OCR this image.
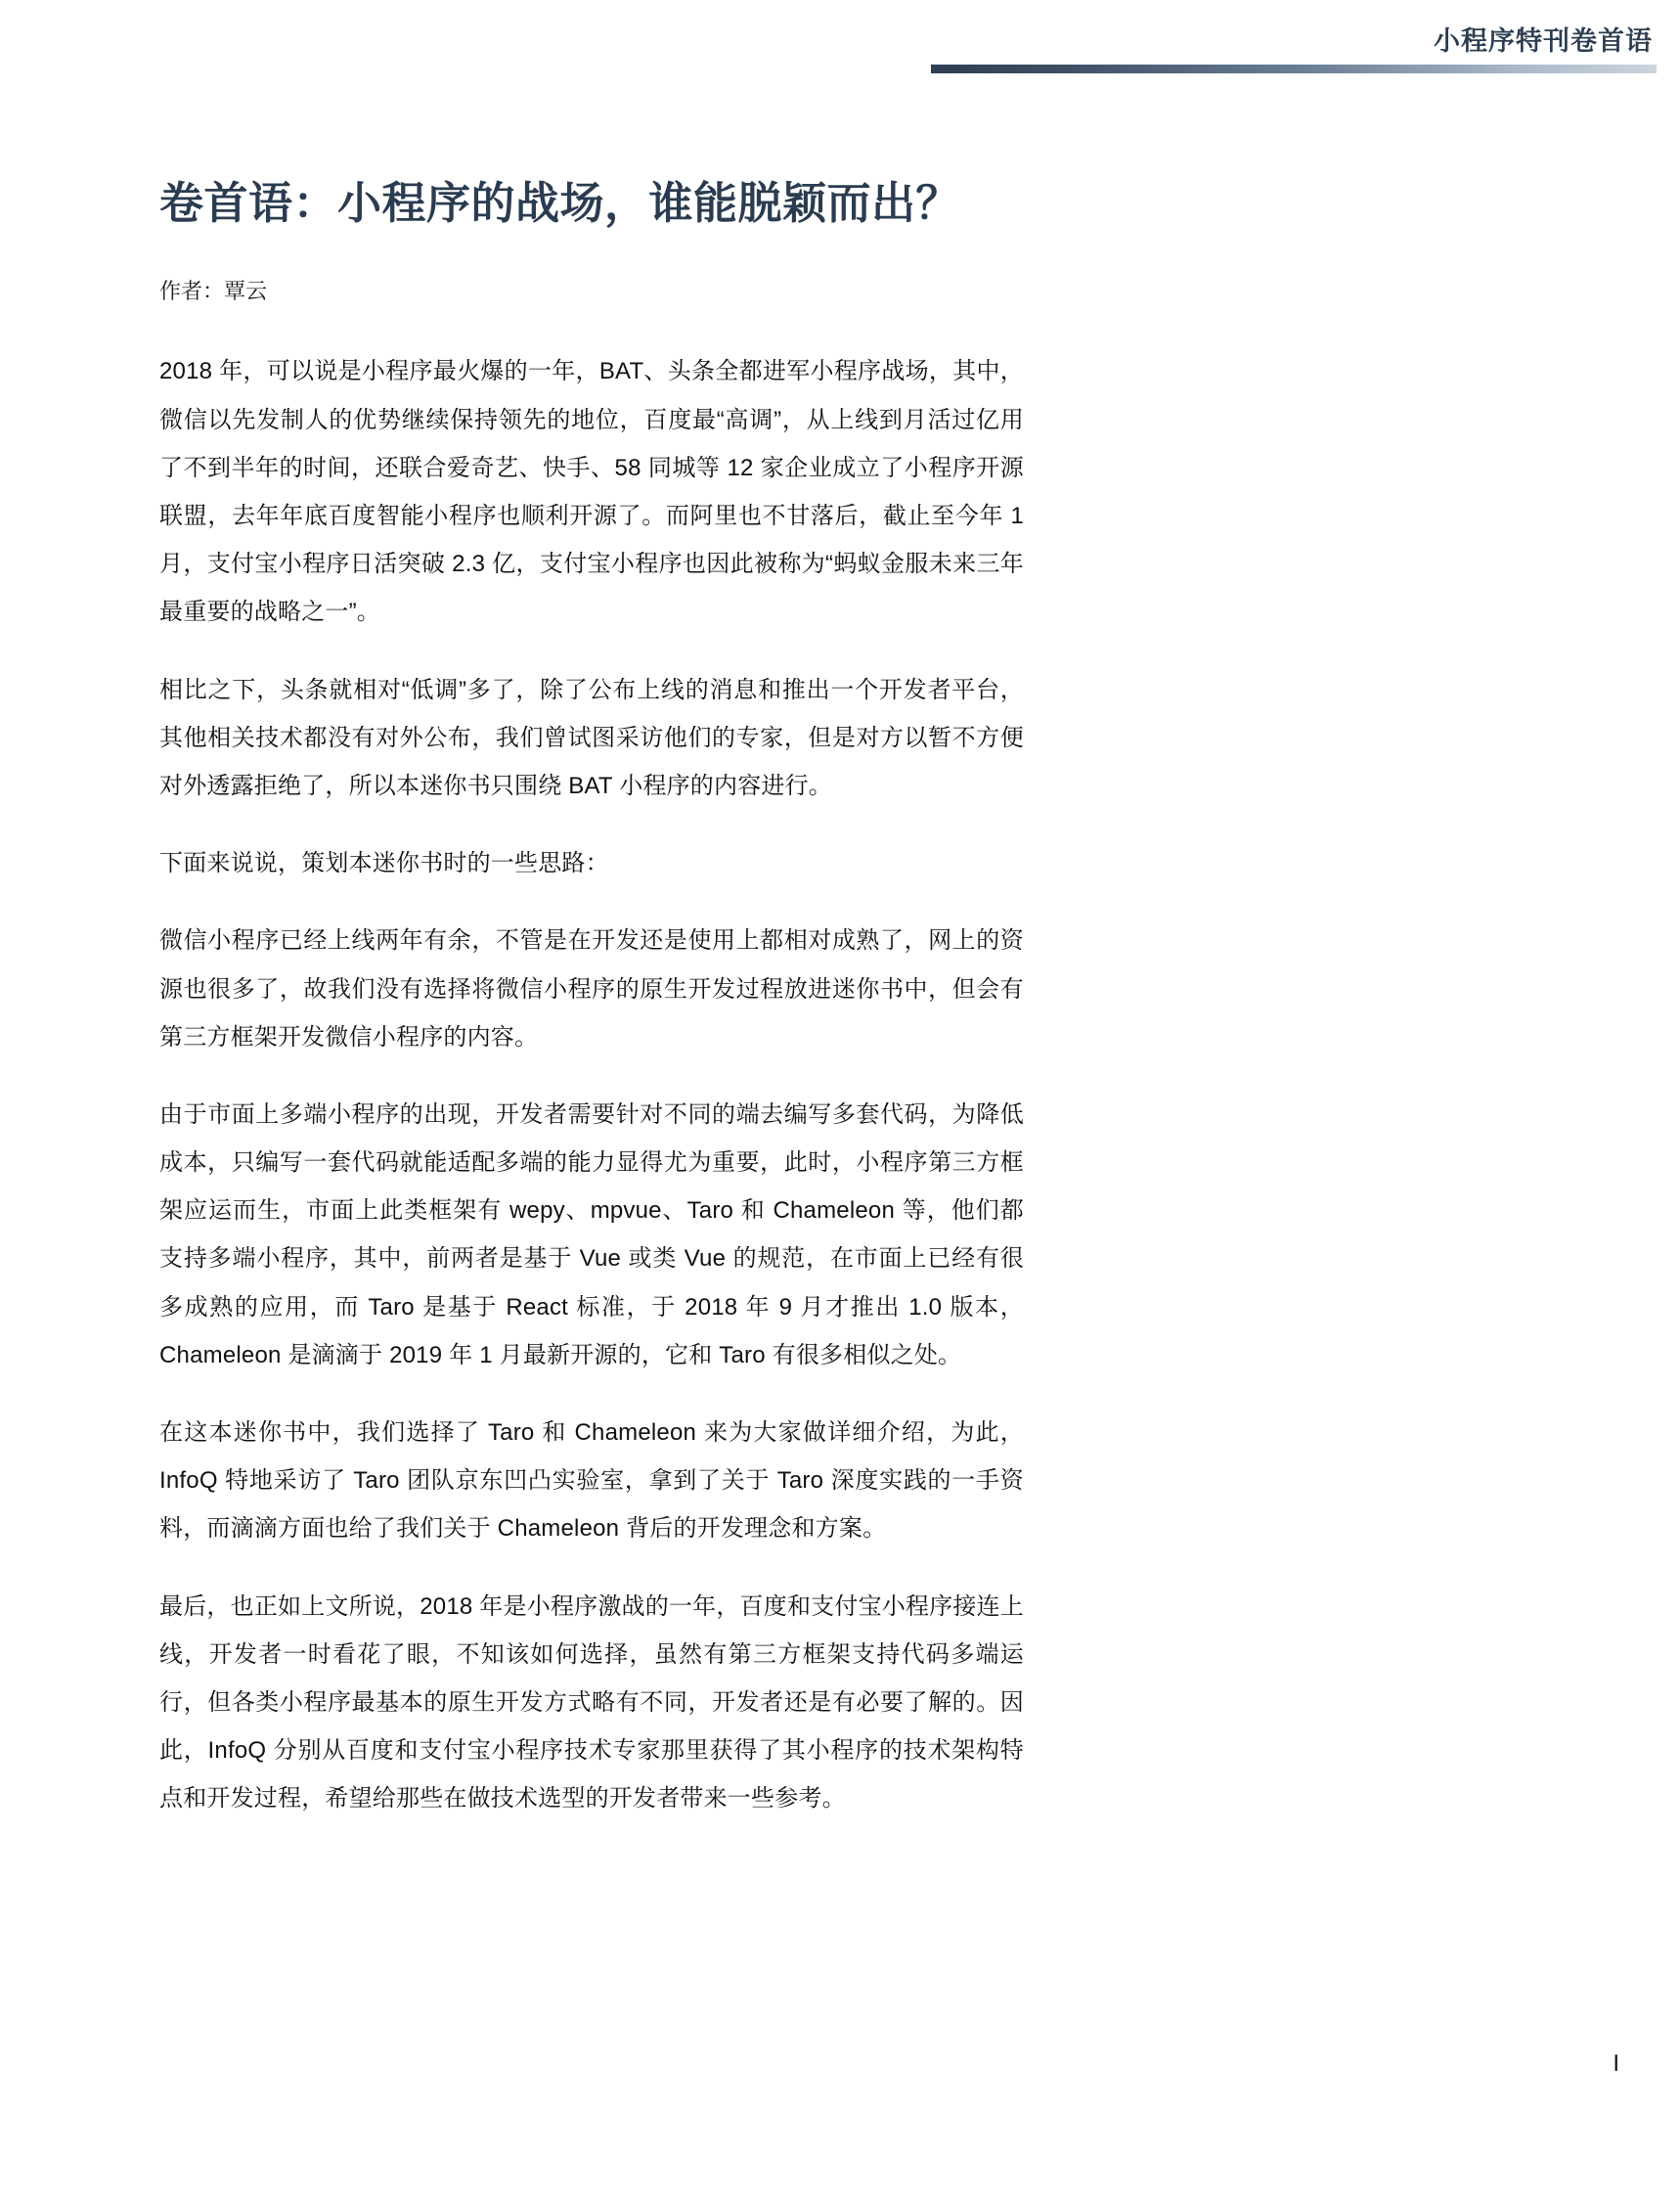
小程序特刊卷首语
卷首语：小程序的战场，谁能脱颖而出？
作者：覃云

2018 年，可以说是小程序最火爆的一年，BAT、头条全都进军小程序战场，其中，微信以先发制人的优势继续保持领先的地位，百度最“高调”，从上线到月活过亿用了不到半年的时间，还联合爱奇艺、快手、58 同城等 12 家企业成立了小程序开源联盟，去年年底百度智能小程序也顺利开源了。而阿里也不甘落后，截止至今年 1 月，支付宝小程序日活突破 2.3 亿，支付宝小程序也因此被称为“蚂蚁金服未来三年最重要的战略之一”。

相比之下，头条就相对“低调”多了，除了公布上线的消息和推出一个开发者平台，其他相关技术都没有对外公布，我们曾试图采访他们的专家，但是对方以暂不方便对外透露拒绝了，所以本迷你书只围绕 BAT 小程序的内容进行。

下面来说说，策划本迷你书时的一些思路：

微信小程序已经上线两年有余，不管是在开发还是使用上都相对成熟了，网上的资源也很多了，故我们没有选择将微信小程序的原生开发过程放进迷你书中，但会有第三方框架开发微信小程序的内容。

由于市面上多端小程序的出现，开发者需要针对不同的端去编写多套代码，为降低成本，只编写一套代码就能适配多端的能力显得尤为重要，此时，小程序第三方框架应运而生，市面上此类框架有 wepy、mpvue、Taro 和 Chameleon 等，他们都支持多端小程序，其中，前两者是基于 Vue 或类 Vue 的规范，在市面上已经有很多成熟的应用，而 Taro 是基于 React 标准，于 2018 年 9 月才推出 1.0 版本，Chameleon 是滴滴于 2019 年 1 月最新开源的，它和 Taro 有很多相似之处。

在这本迷你书中，我们选择了 Taro 和 Chameleon 来为大家做详细介绍，为此，InfoQ 特地采访了 Taro 团队京东凹凸实验室，拿到了关于 Taro 深度实践的一手资料，而滴滴方面也给了我们关于 Chameleon 背后的开发理念和方案。

最后，也正如上文所说，2018 年是小程序激战的一年，百度和支付宝小程序接连上线，开发者一时看花了眼，不知该如何选择，虽然有第三方框架支持代码多端运行，但各类小程序最基本的原生开发方式略有不同，开发者还是有必要了解的。因此，InfoQ 分别从百度和支付宝小程序技术专家那里获得了其小程序的技术架构特点和开发过程，希望给那些在做技术选型的开发者带来一些参考。

I
